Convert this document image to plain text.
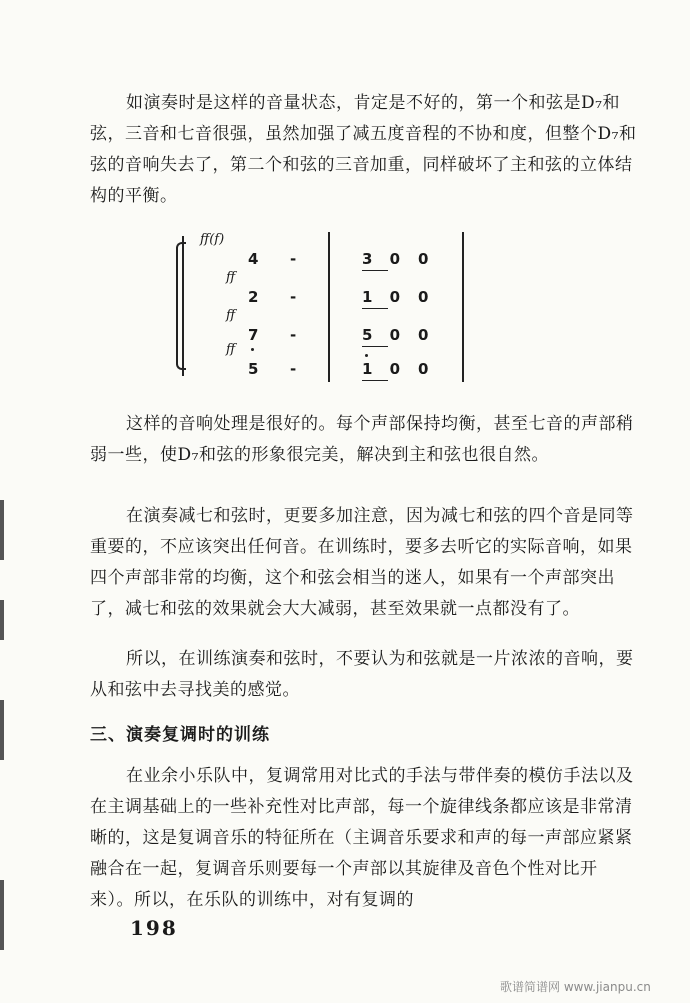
如演奏时是这样的音量状态，肯定是不好的，第一个和弦是D₇和弦，三音和七音很强，虽然加强了减五度音程的不协和度，但整个D₇和弦的音响失去了，第二个和弦的三音加重，同样破坏了主和弦的立体结构的平衡。

ff(f)
4 -	3 0 0
ff
2 -	1 0 0
ff
7 -	5 0 0
ff
5 -	1 0 0

这样的音响处理是很好的。每个声部保持均衡，甚至七音的声部稍弱一些，使D₇和弦的形象很完美，解决到主和弦也很自然。

在演奏减七和弦时，更要多加注意，因为减七和弦的四个音是同等重要的，不应该突出任何音。在训练时，要多去听它的实际音响，如果四个声部非常的均衡，这个和弦会相当的迷人，如果有一个声部突出了，减七和弦的效果就会大大减弱，甚至效果就一点都没有了。

所以，在训练演奏和弦时，不要认为和弦就是一片浓浓的音响，要从和弦中去寻找美的感觉。

三、演奏复调时的训练

在业余小乐队中，复调常用对比式的手法与带伴奏的模仿手法以及在主调基础上的一些补充性对比声部，每一个旋律线条都应该是非常清晰的，这是复调音乐的特征所在（主调音乐要求和声的每一声部应紧紧融合在一起，复调音乐则要每一个声部以其旋律及音色个性对比开来）。所以，在乐队的训练中，对有复调的

198
歌谱简谱网 www.jianpu.cn
